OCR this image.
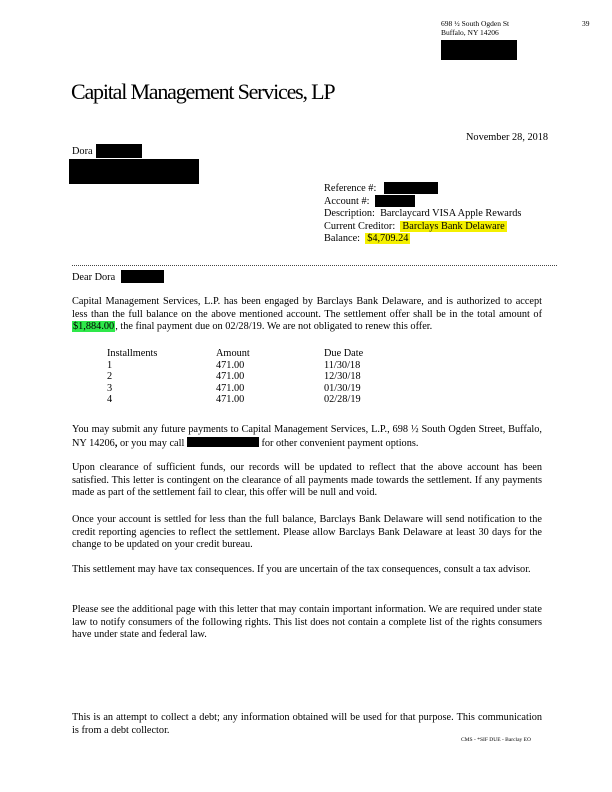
698 ½ South Ogden St
Buffalo, NY 14206
39
Capital Management Services, LP
November 28, 2018
Dora
Reference #:
Account #:
Description: Barclaycard VISA Apple Rewards
Current Creditor: Barclays Bank Delaware
Balance: $4,709.24
Dear Dora
Capital Management Services, L.P. has been engaged by Barclays Bank Delaware, and is authorized to accept less than the full balance on the above mentioned account. The settlement offer shall be in the total amount of $1,884.00, the final payment due on 02/28/19. We are not obligated to renew this offer.
Installments	Amount	Due Date
1	471.00	11/30/18
2	471.00	12/30/18
3	471.00	01/30/19
4	471.00	02/28/19
You may submit any future payments to Capital Management Services, L.P., 698 ½ South Ogden Street, Buffalo, NY 14206, or you may call	for other convenient payment options.
Upon clearance of sufficient funds, our records will be updated to reflect that the above account has been satisfied. This letter is contingent on the clearance of all payments made towards the settlement. If any payments made as part of the settlement fail to clear, this offer will be null and void.
Once your account is settled for less than the full balance, Barclays Bank Delaware will send notification to the credit reporting agencies to reflect the settlement. Please allow Barclays Bank Delaware at least 30 days for the change to be updated on your credit bureau.
This settlement may have tax consequences. If you are uncertain of the tax consequences, consult a tax advisor.
Please see the additional page with this letter that may contain important information. We are required under state law to notify consumers of the following rights. This list does not contain a complete list of the rights consumers have under state and federal law.
This is an attempt to collect a debt; any information obtained will be used for that purpose. This communication is from a debt collector.
CMS - *SIF DUE - Barclay EO
